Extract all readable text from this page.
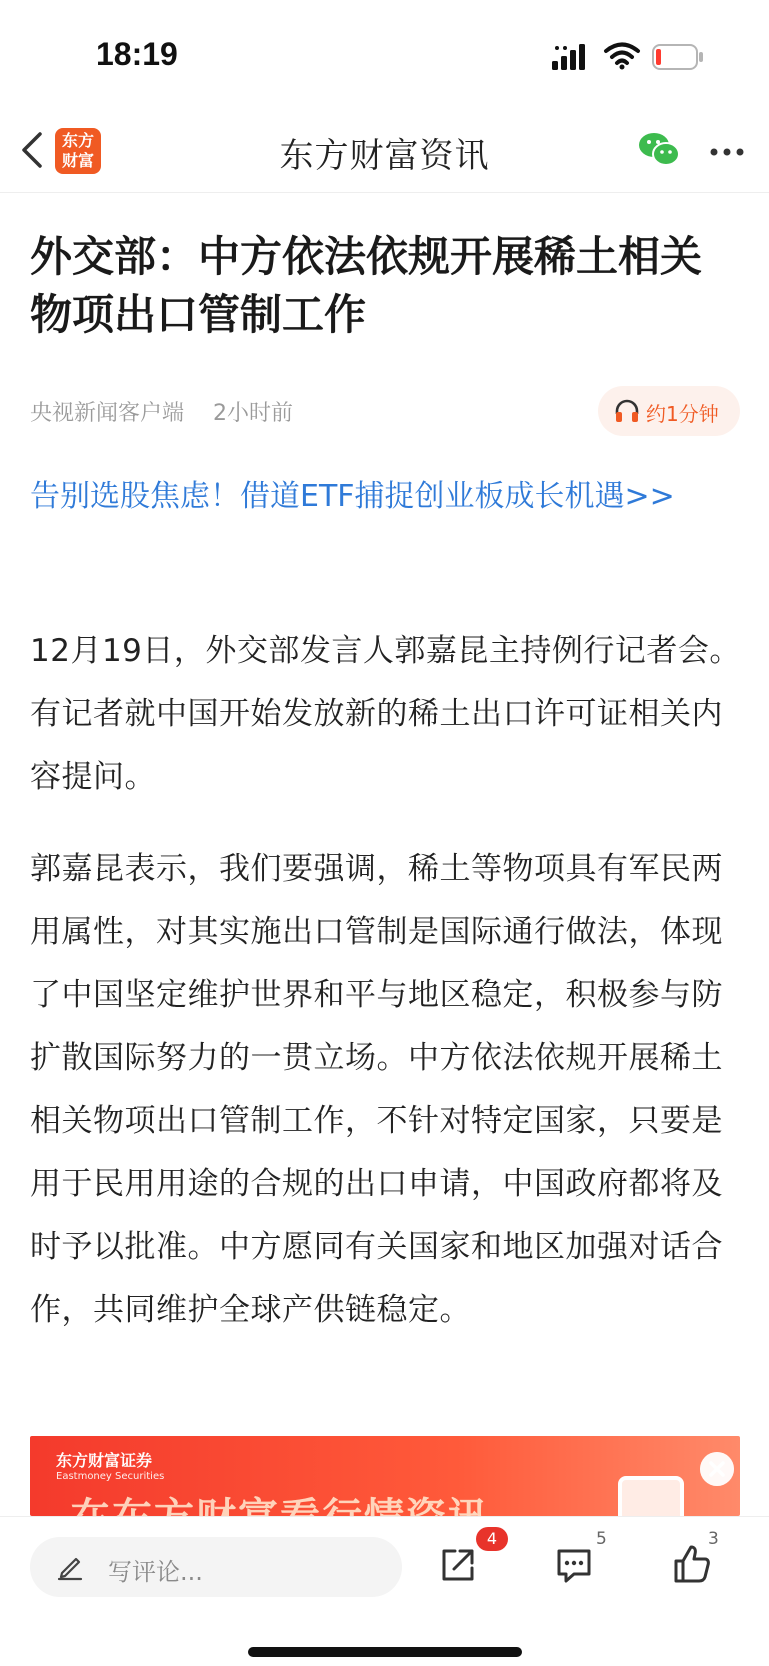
18:19
东方财富	东方财富资讯
外交部：中方依法依规开展稀土相关物项出口管制工作
央视新闻客户端 2小时前	约1分钟
告别选股焦虑！借道ETF捕捉创业板成长机遇>>

12月19日，外交部发言人郭嘉昆主持例行记者会。有记者就中国开始发放新的稀土出口许可证相关内容提问。

郭嘉昆表示，我们要强调，稀土等物项具有军民两用属性，对其实施出口管制是国际通行做法，体现了中国坚定维护世界和平与地区稳定，积极参与防扩散国际努力的一贯立场。中方依法依规开展稀土相关物项出口管制工作，不针对特定国家，只要是用于民用用途的合规的出口申请，中国政府都将及时予以批准。中方愿同有关国家和地区加强对话合作，共同维护全球产供链稳定。

东方财富证券
Eastmoney Securities
写评论...
4	5	3
